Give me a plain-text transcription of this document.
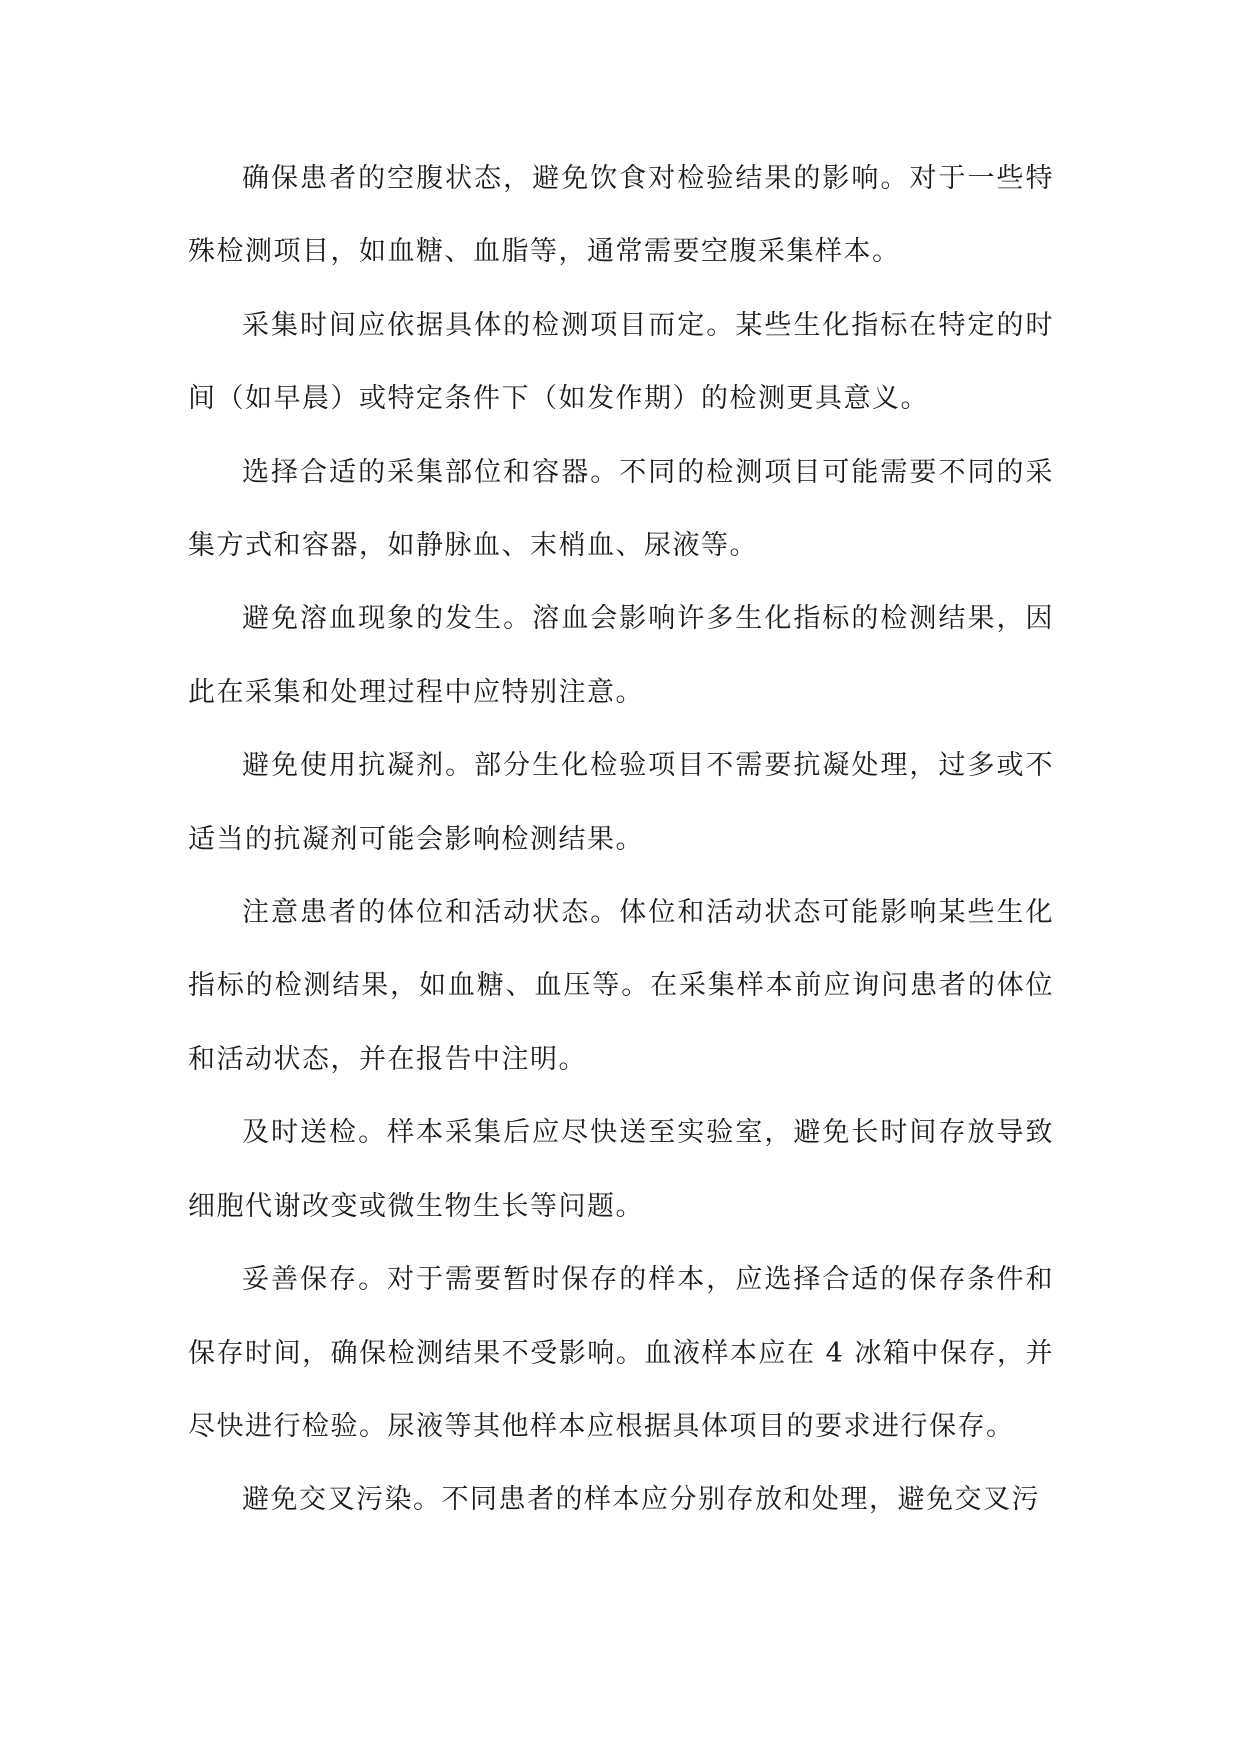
确保患者的空腹状态，避免饮食对检验结果的影响。对于一些特殊检测项目，如血糖、血脂等，通常需要空腹采集样本。

采集时间应依据具体的检测项目而定。某些生化指标在特定的时间（如早晨）或特定条件下（如发作期）的检测更具意义。

选择合适的采集部位和容器。不同的检测项目可能需要不同的采集方式和容器，如静脉血、末梢血、尿液等。

避免溶血现象的发生。溶血会影响许多生化指标的检测结果，因此在采集和处理过程中应特别注意。

避免使用抗凝剂。部分生化检验项目不需要抗凝处理，过多或不适当的抗凝剂可能会影响检测结果。

注意患者的体位和活动状态。体位和活动状态可能影响某些生化指标的检测结果，如血糖、血压等。在采集样本前应询问患者的体位和活动状态，并在报告中注明。

及时送检。样本采集后应尽快送至实验室，避免长时间存放导致细胞代谢改变或微生物生长等问题。

妥善保存。对于需要暂时保存的样本，应选择合适的保存条件和保存时间，确保检测结果不受影响。血液样本应在 4 冰箱中保存，并尽快进行检验。尿液等其他样本应根据具体项目的要求进行保存。

避免交叉污染。不同患者的样本应分别存放和处理，避免交叉污
